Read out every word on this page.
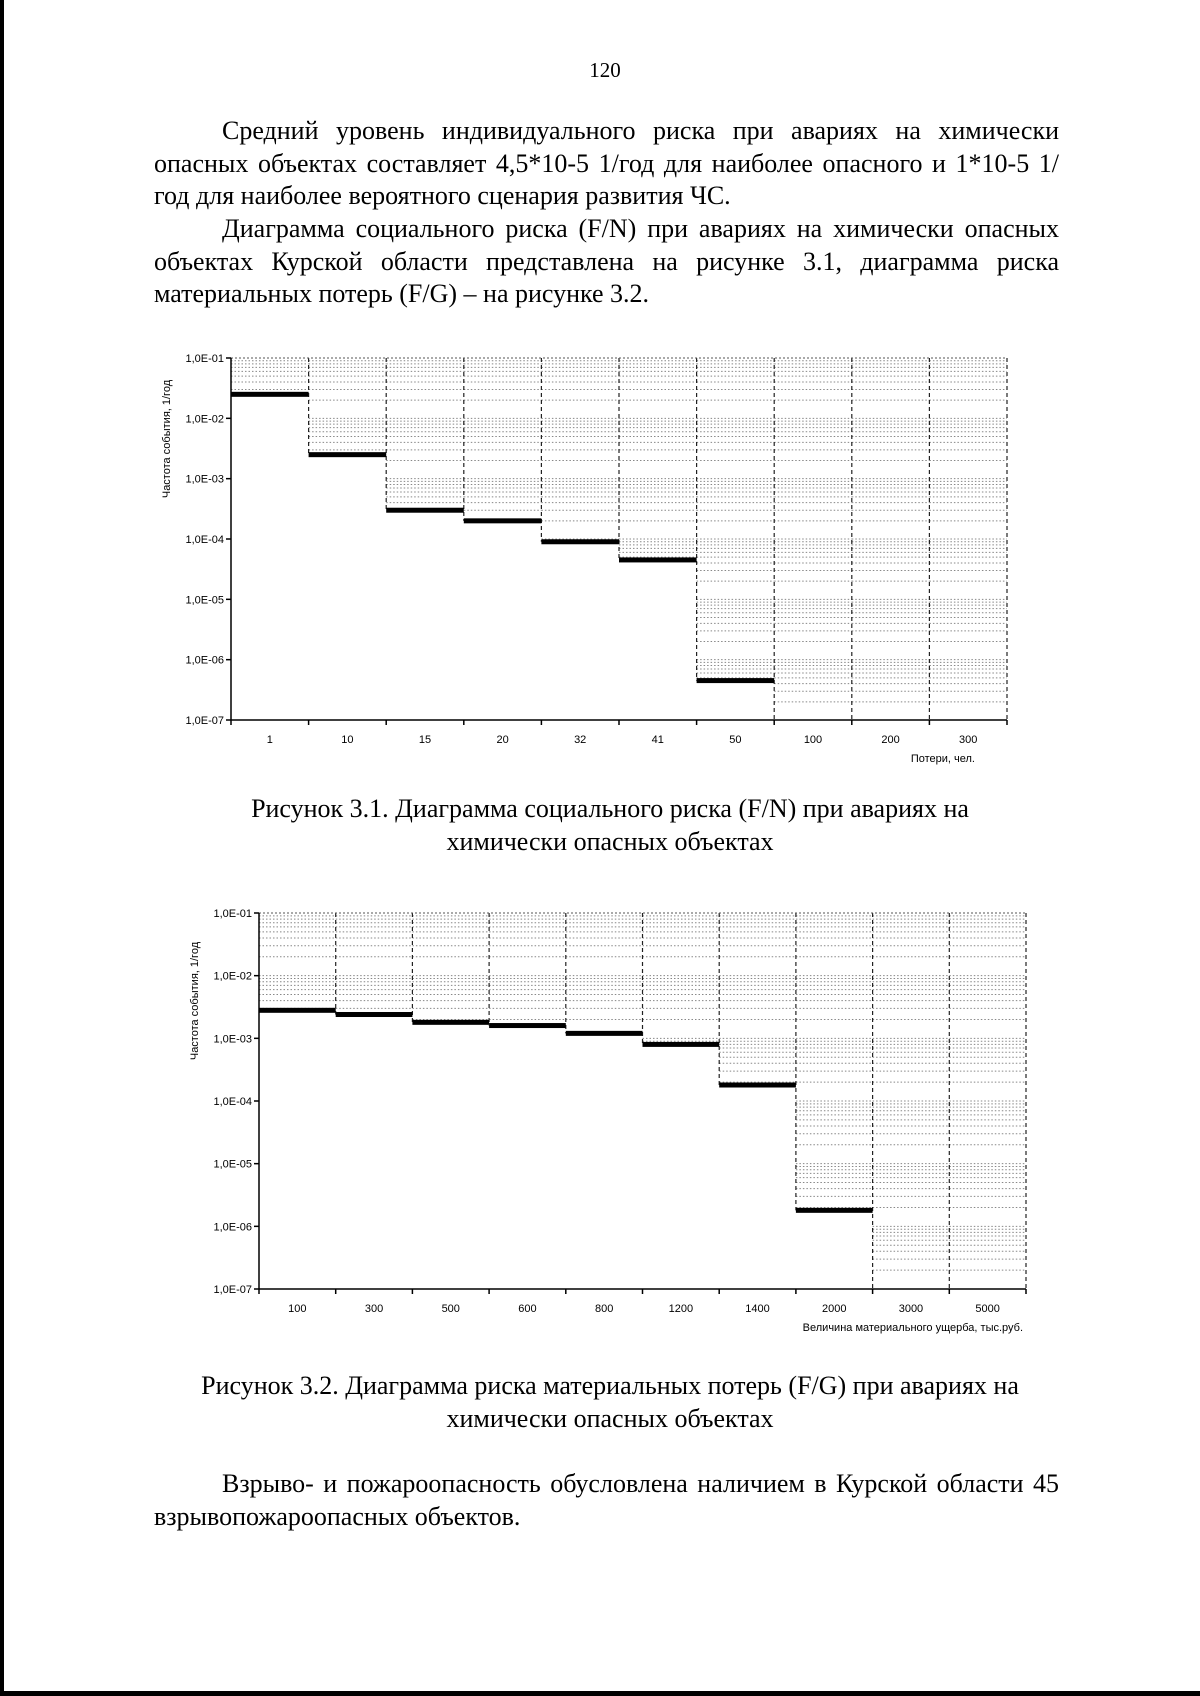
120

Средний уровень индивидуального риска при авариях на химически опасных объектах составляет 4,5*10-5 1/год для наиболее опасного и 1*10-5 1/год для наиболее вероятного сценария развития ЧС.

Диаграмма социального риска (F/N) при авариях на химически опасных объектах Курской области представлена на рисунке 3.1, диаграмма риска материальных потерь (F/G) – на рисунке 3.2.

1,0E-01
1,0E-02
1,0E-03
1,0E-04
1,0E-05
1,0E-06
1,0E-07
1	10	15	20	32	41	50	100	200	300
Частота события, 1/год
Потери, чел.
Рисунок 3.1. Диаграмма социального риска (F/N) при авариях на
химически опасных объектах
1,0E-01
1,0E-02
1,0E-03
1,0E-04
1,0E-05
1,0E-06
1,0E-07
100	300	500	600	800	1200	1400	2000	3000	5000
Частота события, 1/год
Величина материального ущерба, тыс.руб.
Рисунок 3.2. Диаграмма риска материальных потерь (F/G) при авариях на
химически опасных объектах

Взрыво- и пожароопасность обусловлена наличием в Курской области 45 взрывопожароопасных объектов.
